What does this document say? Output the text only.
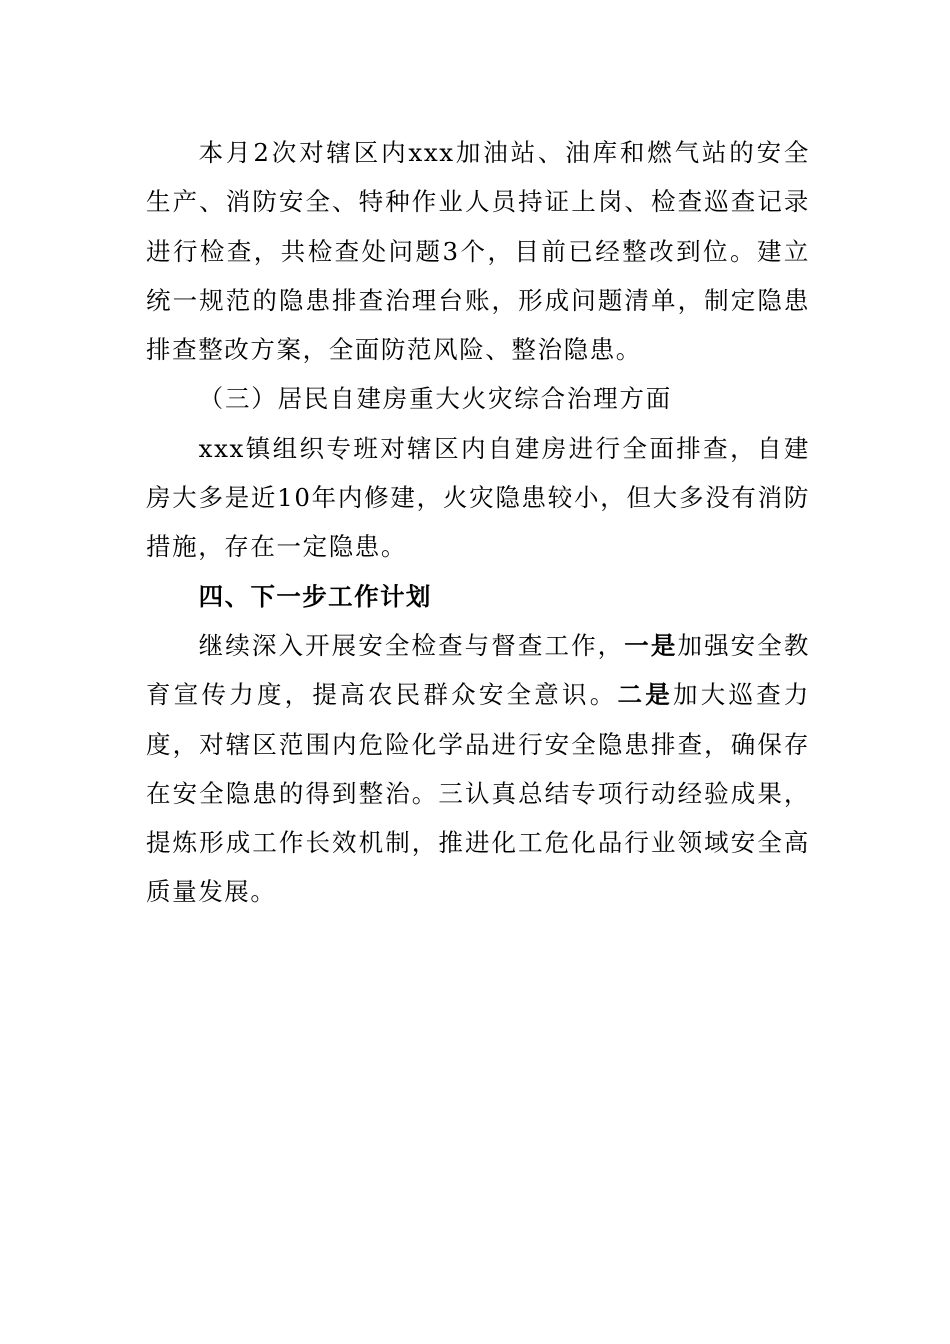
本月2次对辖区内xxx加油站、油库和燃气站的安全生产、消防安全、特种作业人员持证上岗、检查巡查记录进行检查，共检查处问题3个，目前已经整改到位。建立统一规范的隐患排查治理台账，形成问题清单，制定隐患排查整改方案，全面防范风险、整治隐患。

（三）居民自建房重大火灾综合治理方面

xxx镇组织专班对辖区内自建房进行全面排查，自建房大多是近10年内修建，火灾隐患较小，但大多没有消防措施，存在一定隐患。

四、下一步工作计划

继续深入开展安全检查与督查工作，一是加强安全教育宣传力度，提高农民群众安全意识。二是加大巡查力度，对辖区范围内危险化学品进行安全隐患排查，确保存在安全隐患的得到整治。三认真总结专项行动经验成果，提炼形成工作长效机制，推进化工危化品行业领域安全高质量发展。
